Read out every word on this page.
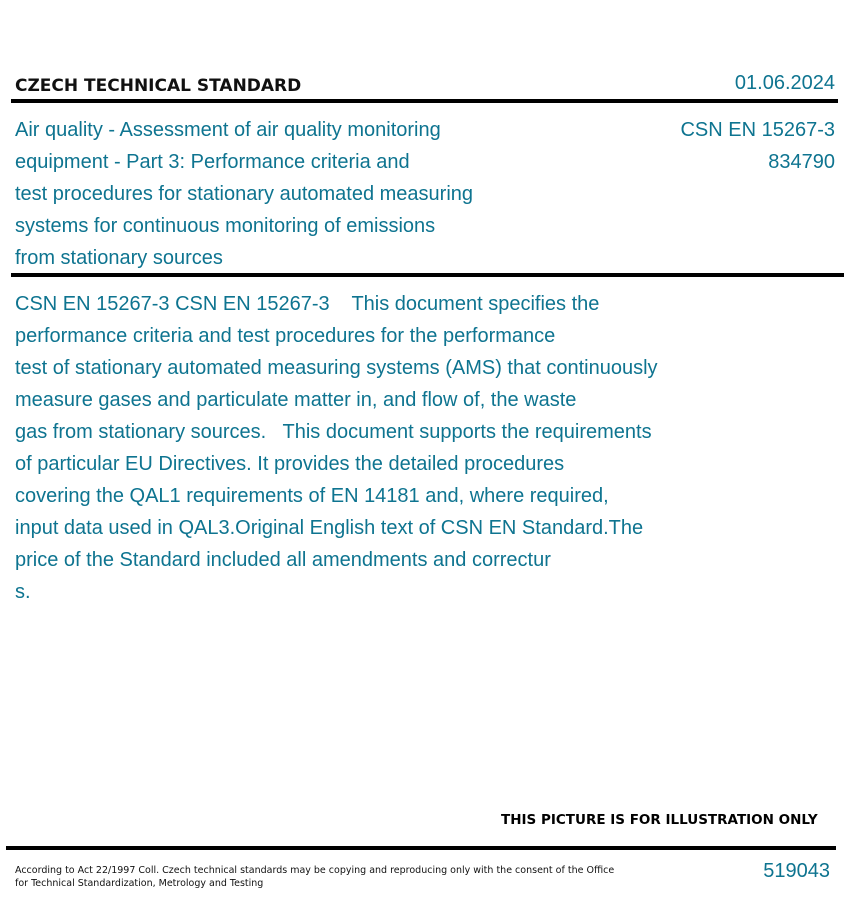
CZECH TECHNICAL STANDARD	01.06.2024
Air quality - Assessment of air quality monitoring
equipment - Part 3: Performance criteria and
test procedures for stationary automated measuring
systems for continuous monitoring of emissions
from stationary sources
CSN EN 15267-3
834790
CSN EN 15267-3 CSN EN 15267-3    This document specifies the
performance criteria and test procedures for the performance
test of stationary automated measuring systems (AMS) that continuously
measure gases and particulate matter in, and flow of, the waste
gas from stationary sources.   This document supports the requirements
of particular EU Directives. It provides the detailed procedures
covering the QAL1 requirements of EN 14181 and, where required,
input data used in QAL3.Original English text of CSN EN Standard.The
price of the Standard included all amendments and correctur
s.
THIS PICTURE IS FOR ILLUSTRATION ONLY
According to Act 22/1997 Coll. Czech technical standards may be copying and reproducing only with the consent of the Office
for Technical Standardization, Metrology and Testing
519043
